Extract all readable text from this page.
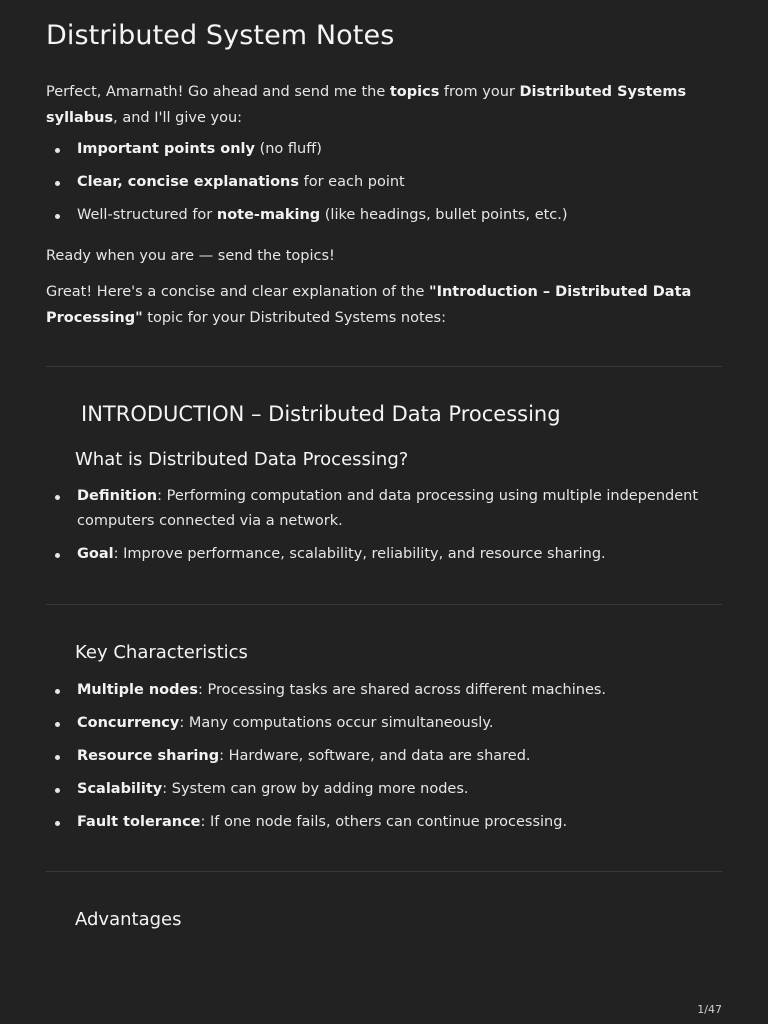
Distributed System Notes
Perfect, Amarnath! Go ahead and send me the topics from your Distributed Systems syllabus, and I'll give you:
Important points only (no fluff)
Clear, concise explanations for each point
Well-structured for note-making (like headings, bullet points, etc.)
Ready when you are — send the topics!
Great! Here's a concise and clear explanation of the "Introduction – Distributed Data Processing" topic for your Distributed Systems notes:
INTRODUCTION – Distributed Data Processing
What is Distributed Data Processing?
Definition: Performing computation and data processing using multiple independent computers connected via a network.
Goal: Improve performance, scalability, reliability, and resource sharing.
Key Characteristics
Multiple nodes: Processing tasks are shared across different machines.
Concurrency: Many computations occur simultaneously.
Resource sharing: Hardware, software, and data are shared.
Scalability: System can grow by adding more nodes.
Fault tolerance: If one node fails, others can continue processing.
Advantages
1/47
